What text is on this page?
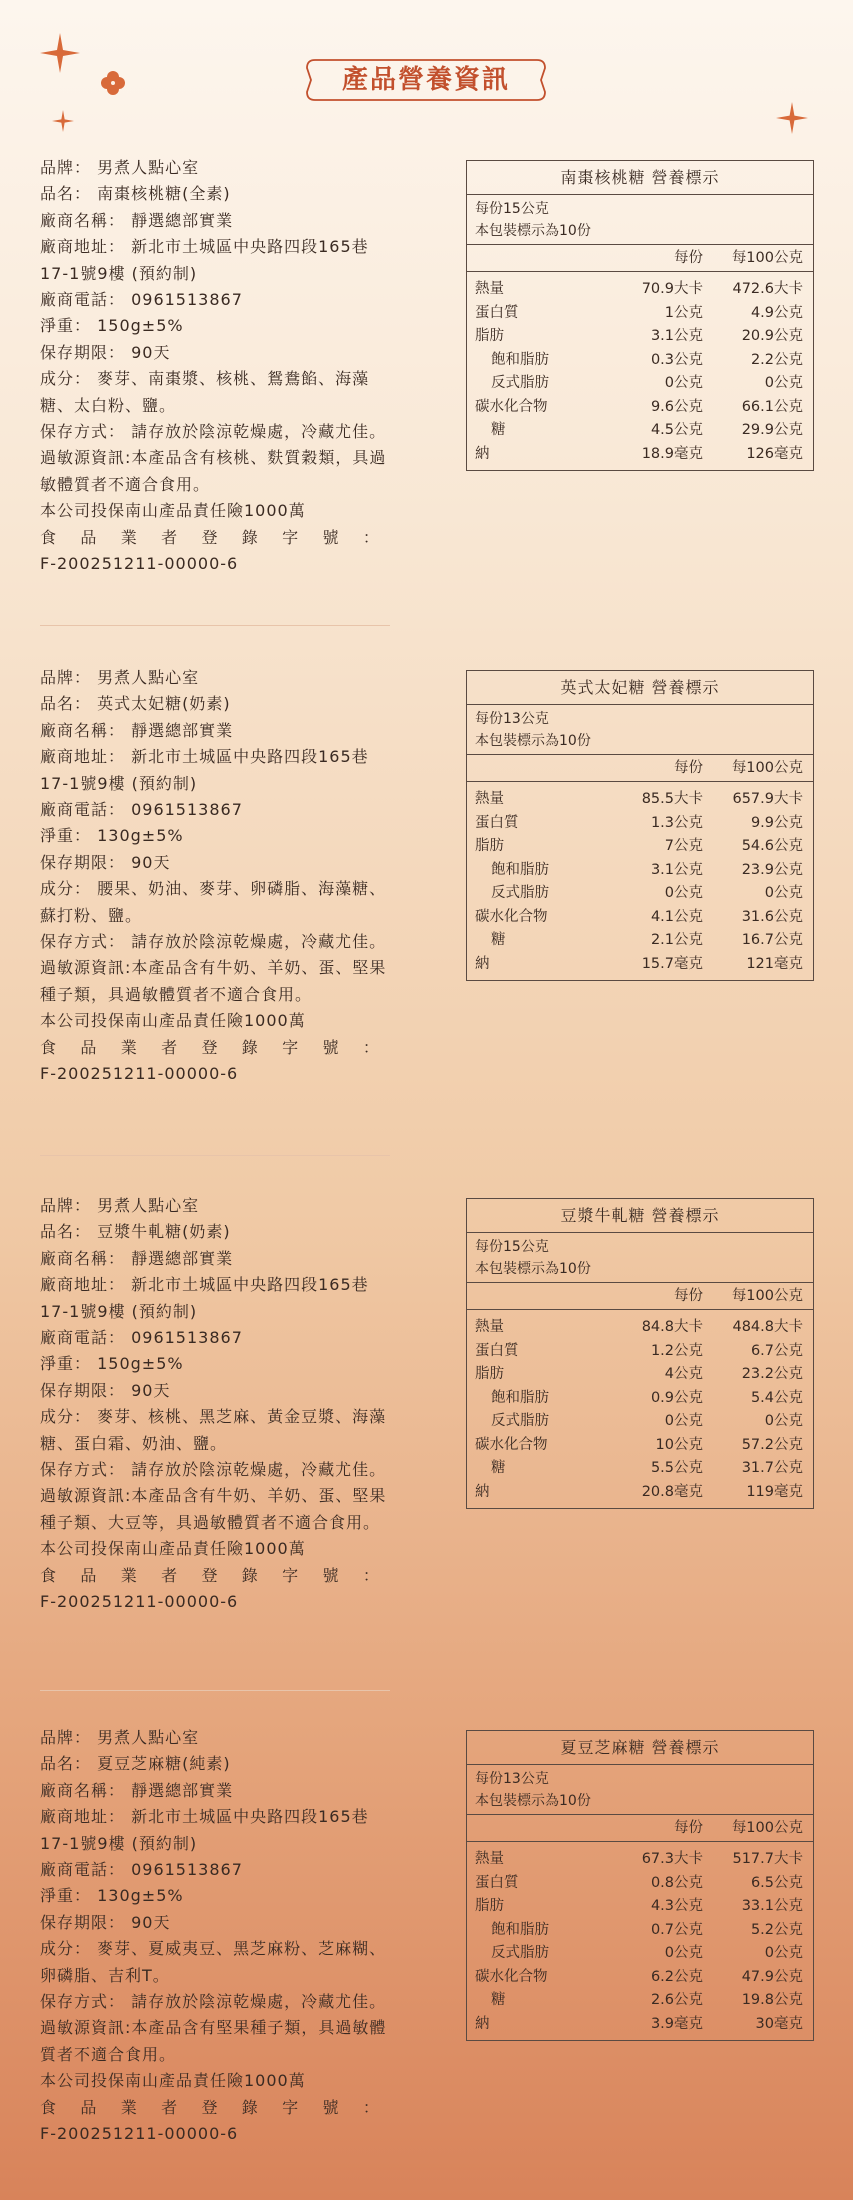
產品營養資訊
品牌： 男煮人點心室
品名： 南棗核桃糖(全素)
廠商名稱： 靜選總部實業
廠商地址： 新北市土城區中央路四段165巷17-1號9樓 (預約制)
廠商電話： 0961513867
淨重： 150g±5%
保存期限： 90天
成分： 麥芽、南棗漿、核桃、鴛鴦餡、海藻糖、太白粉、鹽。
保存方式： 請存放於陰涼乾燥處，冷藏尤佳。
過敏源資訊:本產品含有核桃、麩質穀類，具過敏體質者不適合食用。
本公司投保南山產品責任險1000萬
食 品 業 者 登 錄 字 號 ：
F-200251211-00000-6
南棗核桃糖 營養標示
每份15公克
本包裝標示為10份
每份	每100公克
熱量	70.9大卡	472.6大卡
蛋白質	1公克	4.9公克
脂肪	3.1公克	20.9公克
飽和脂肪	0.3公克	2.2公克
反式脂肪	0公克	0公克
碳水化合物	9.6公克	66.1公克
糖	4.5公克	29.9公克
納	18.9毫克	126毫克
品牌： 男煮人點心室
品名： 英式太妃糖(奶素)
廠商名稱： 靜選總部實業
廠商地址： 新北市土城區中央路四段165巷17-1號9樓 (預約制)
廠商電話： 0961513867
淨重： 130g±5%
保存期限： 90天
成分： 腰果、奶油、麥芽、卵磷脂、海藻糖、蘇打粉、鹽。
保存方式： 請存放於陰涼乾燥處，冷藏尤佳。
過敏源資訊:本產品含有牛奶、羊奶、蛋、堅果種子類，具過敏體質者不適合食用。
本公司投保南山產品責任險1000萬
食 品 業 者 登 錄 字 號 ：
F-200251211-00000-6
英式太妃糖 營養標示
每份13公克
本包裝標示為10份
每份	每100公克
熱量	85.5大卡	657.9大卡
蛋白質	1.3公克	9.9公克
脂肪	7公克	54.6公克
飽和脂肪	3.1公克	23.9公克
反式脂肪	0公克	0公克
碳水化合物	4.1公克	31.6公克
糖	2.1公克	16.7公克
納	15.7毫克	121毫克
品牌： 男煮人點心室
品名： 豆漿牛軋糖(奶素)
廠商名稱： 靜選總部實業
廠商地址： 新北市土城區中央路四段165巷17-1號9樓 (預約制)
廠商電話： 0961513867
淨重： 150g±5%
保存期限： 90天
成分： 麥芽、核桃、黑芝麻、黃金豆漿、海藻糖、蛋白霜、奶油、鹽。
保存方式： 請存放於陰涼乾燥處，冷藏尤佳。
過敏源資訊:本產品含有牛奶、羊奶、蛋、堅果種子類、大豆等，具過敏體質者不適合食用。
本公司投保南山產品責任險1000萬
食 品 業 者 登 錄 字 號 ：
F-200251211-00000-6
豆漿牛軋糖 營養標示
每份15公克
本包裝標示為10份
每份	每100公克
熱量	84.8大卡	484.8大卡
蛋白質	1.2公克	6.7公克
脂肪	4公克	23.2公克
飽和脂肪	0.9公克	5.4公克
反式脂肪	0公克	0公克
碳水化合物	10公克	57.2公克
糖	5.5公克	31.7公克
納	20.8毫克	119毫克
品牌： 男煮人點心室
品名： 夏豆芝麻糖(純素)
廠商名稱： 靜選總部實業
廠商地址： 新北市土城區中央路四段165巷17-1號9樓 (預約制)
廠商電話： 0961513867
淨重： 130g±5%
保存期限： 90天
成分： 麥芽、夏威夷豆、黑芝麻粉、芝麻糊、卵磷脂、吉利T。
保存方式： 請存放於陰涼乾燥處，冷藏尤佳。
過敏源資訊:本產品含有堅果種子類，具過敏體質者不適合食用。
本公司投保南山產品責任險1000萬
食 品 業 者 登 錄 字 號 ：
F-200251211-00000-6
夏豆芝麻糖 營養標示
每份13公克
本包裝標示為10份
每份	每100公克
熱量	67.3大卡	517.7大卡
蛋白質	0.8公克	6.5公克
脂肪	4.3公克	33.1公克
飽和脂肪	0.7公克	5.2公克
反式脂肪	0公克	0公克
碳水化合物	6.2公克	47.9公克
糖	2.6公克	19.8公克
納	3.9毫克	30毫克
